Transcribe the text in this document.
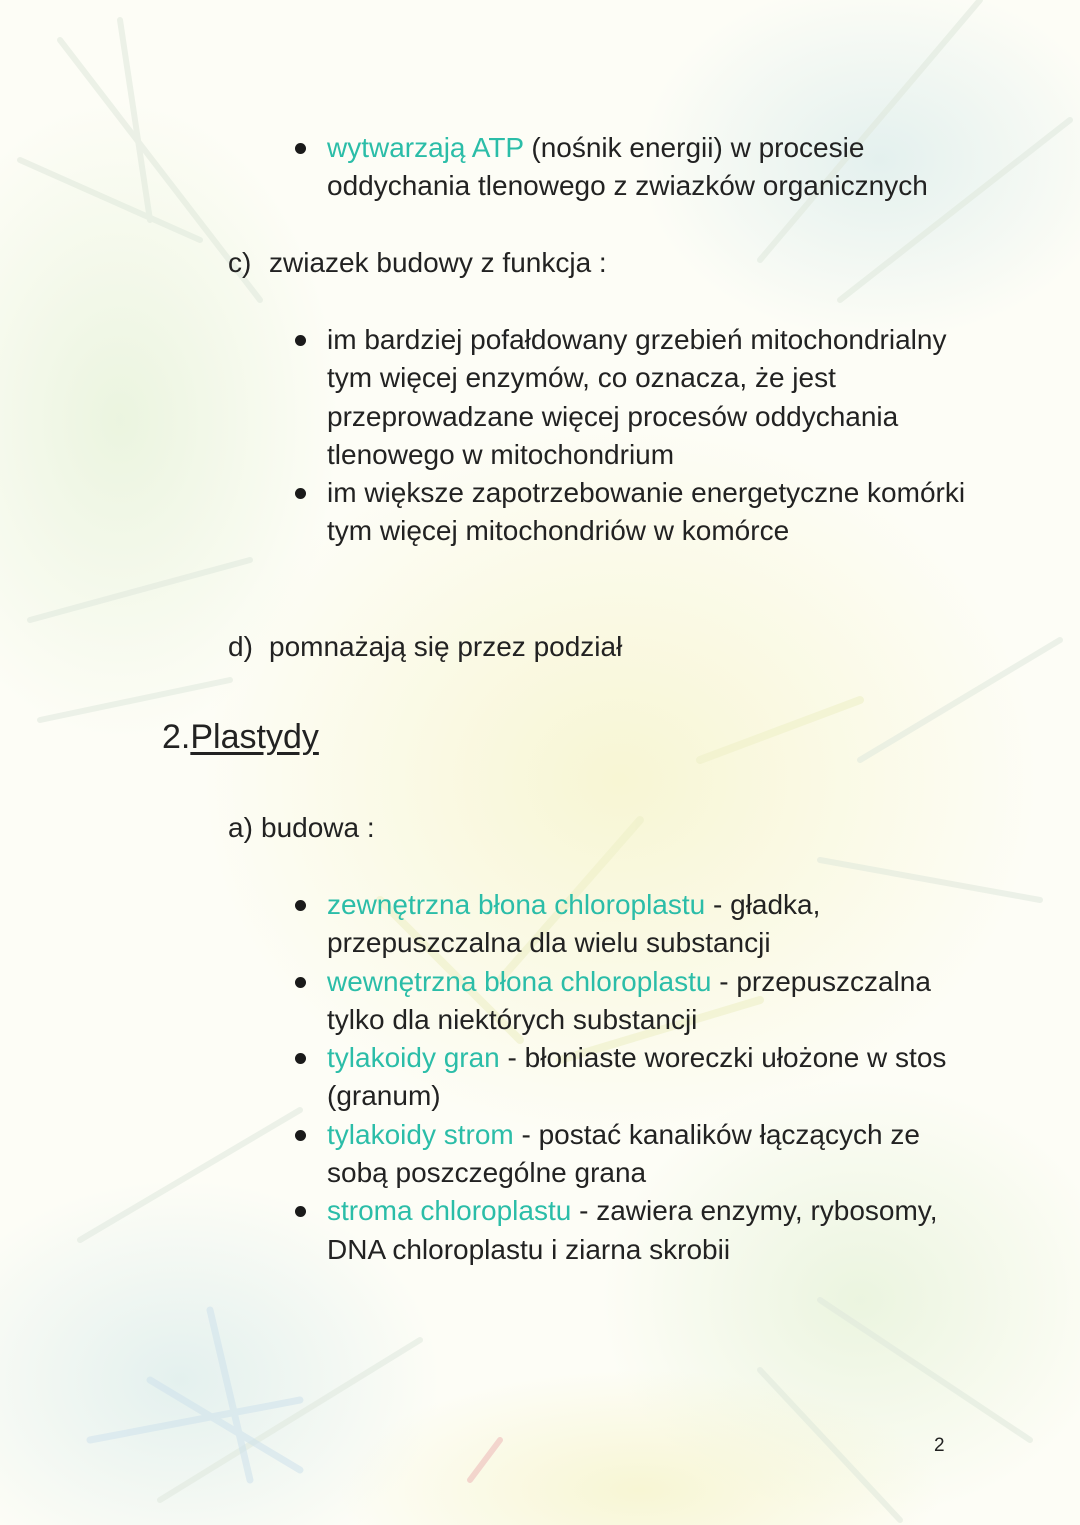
wytwarzają ATP (nośnik energii) w procesie oddychania tlenowego z zwiazków organicznych

c) zwiazek budowy z funkcja :

im bardziej pofałdowany grzebień mitochondrialny tym więcej enzymów, co oznacza, że jest przeprowadzane więcej procesów oddychania tlenowego w mitochondrium
im większe zapotrzebowanie energetyczne komórki tym więcej mitochondriów w komórce

d) pomnażają się przez podział

2.Plastydy

a) budowa :

zewnętrzna błona chloroplastu - gładka, przepuszczalna dla wielu substancji
wewnętrzna błona chloroplastu - przepuszczalna tylko dla niektórych substancji
tylakoidy gran - błoniaste woreczki ułożone w stos (granum)
tylakoidy strom - postać kanalików łączących ze sobą poszczególne grana
stroma chloroplastu - zawiera enzymy, rybosomy, DNA chloroplastu i ziarna skrobii
2
